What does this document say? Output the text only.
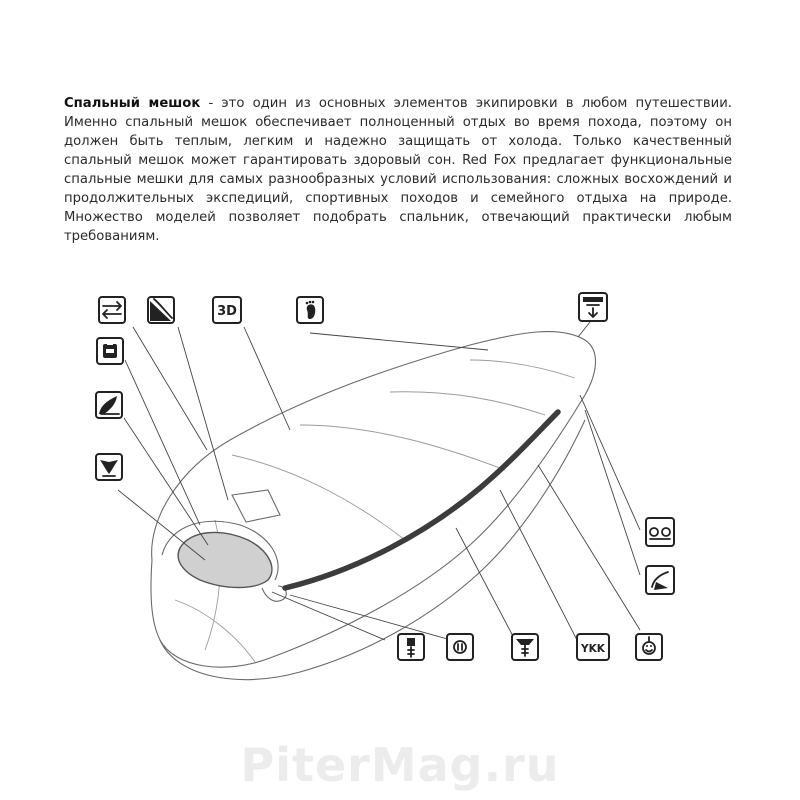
Спальный мешок - это один из основных элементов экипировки в любом путешествии. Именно спальный мешок обеспечивает полноценный отдых во время похода, поэтому он должен быть теплым, легким и надежно защищать от холода. Только качественный спальный мешок может гарантировать здоровый сон. Red Fox предлагает функциональные спальные мешки для самых разнообразных условий использования: сложных восхождений и продолжительных экспедиций, спортивных походов и семейного отдыха на природе. Множество моделей позволяет подобрать спальник, отвечающий практически любым требованиям.

3D
YKK
PiterMag.ru
